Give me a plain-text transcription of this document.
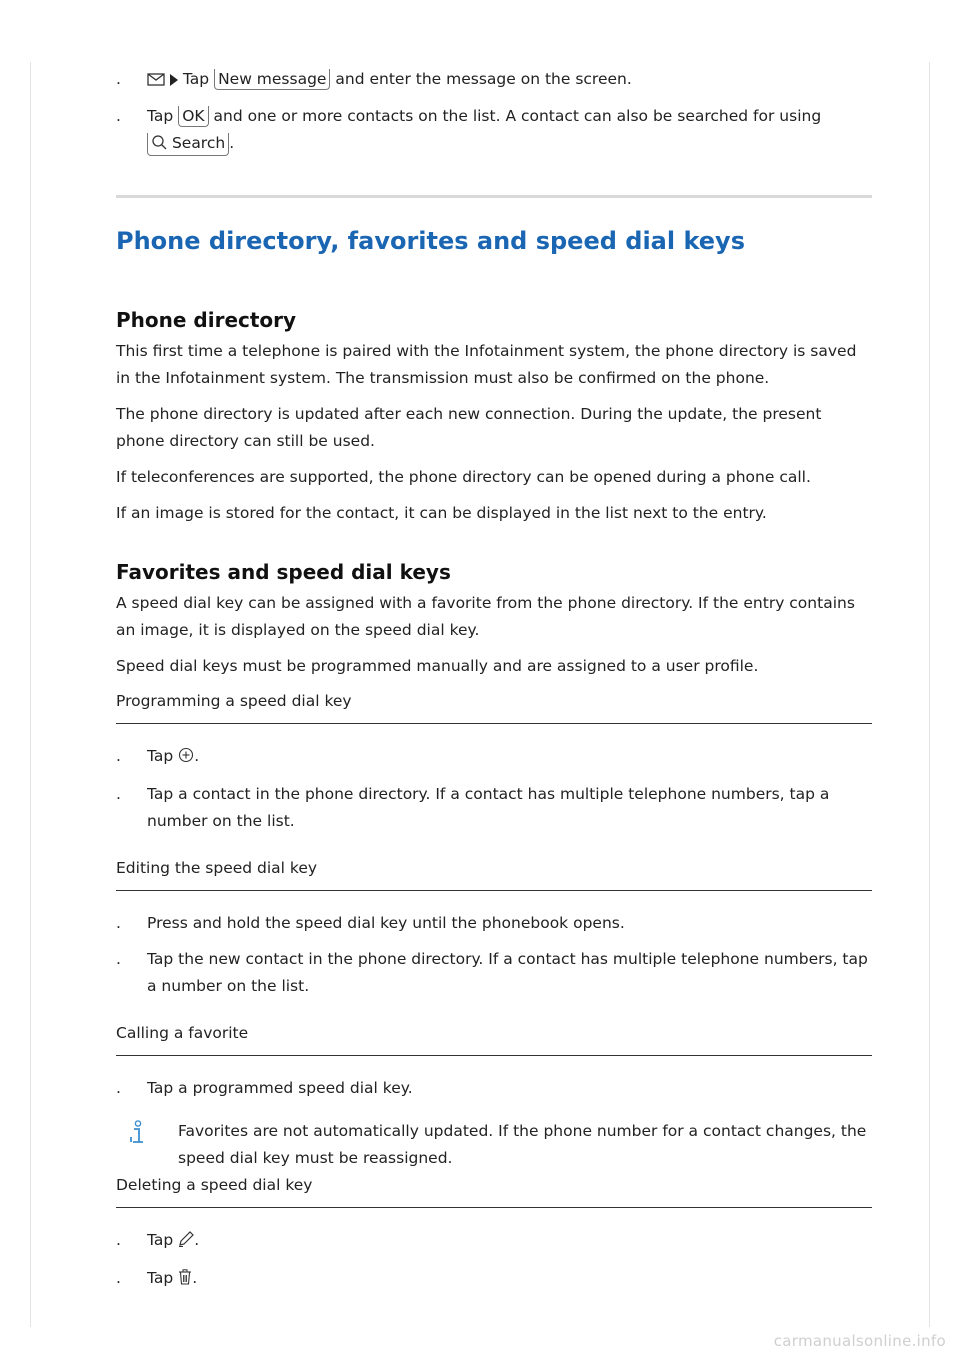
.	Tap New message and enter the message on the screen.
. Tap OK and one or more contacts on the list. A contact can also be searched for using  Search .
Phone directory, favorites and speed dial keys
Phone directory

This first time a telephone is paired with the Infotainment system, the phone directory is saved in the Infotainment system. The transmission must also be confirmed on the phone.

The phone directory is updated after each new connection. During the update, the present phone directory can still be used.

If teleconferences are supported, the phone directory can be opened during a phone call.

If an image is stored for the contact, it can be displayed in the list next to the entry.

Favorites and speed dial keys

A speed dial key can be assigned with a favorite from the phone directory. If the entry contains an image, it is displayed on the speed dial key.

Speed dial keys must be programmed manually and are assigned to a user profile.

Programming a speed dial key
. Tap .
. Tap a contact in the phone directory. If a contact has multiple telephone numbers, tap a number on the list.
Editing the speed dial key
. Press and hold the speed dial key until the phonebook opens.
. Tap the new contact in the phone directory. If a contact has multiple telephone numbers, tap a number on the list.
Calling a favorite
. Tap a programmed speed dial key.
Favorites are not automatically updated. If the phone number for a contact changes, the speed dial key must be reassigned.
Deleting a speed dial key
. Tap .
. Tap .
carmanualsonline.info
